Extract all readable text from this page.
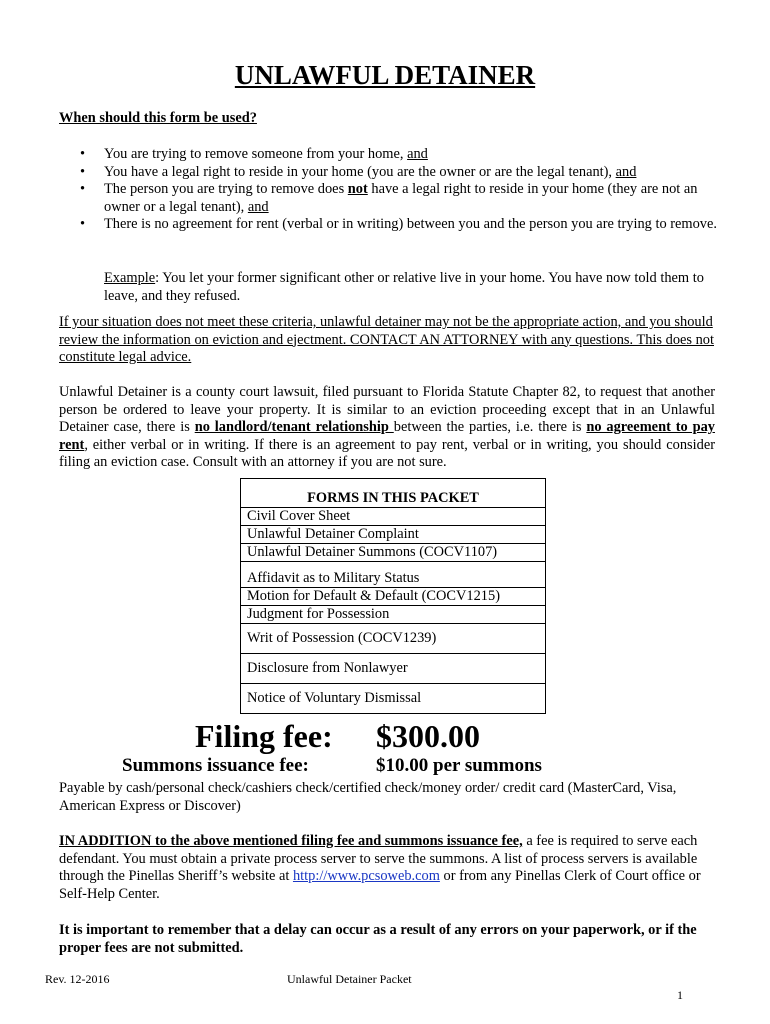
UNLAWFUL DETAINER
When should this form be used?
• You are trying to remove someone from your home, and
• You have a legal right to reside in your home (you are the owner or are the legal tenant), and
• The person you are trying to remove does not have a legal right to reside in your home (they are not an owner or a legal tenant), and
• There is no agreement for rent (verbal or in writing) between you and the person you are trying to remove.
Example: You let your former significant other or relative live in your home. You have now told them to leave, and they refused.
If your situation does not meet these criteria, unlawful detainer may not be the appropriate action, and you should review the information on eviction and ejectment. CONTACT AN ATTORNEY with any questions. This does not constitute legal advice.
Unlawful Detainer is a county court lawsuit, filed pursuant to Florida Statute Chapter 82, to request that another person be ordered to leave your property. It is similar to an eviction proceeding except that in an Unlawful Detainer case, there is no landlord/tenant relationship between the parties, i.e. there is no agreement to pay rent, either verbal or in writing. If there is an agreement to pay rent, verbal or in writing, you should consider filing an eviction case. Consult with an attorney if you are not sure.
FORMS IN THIS PACKET
Civil Cover Sheet
Unlawful Detainer Complaint
Unlawful Detainer Summons (COCV1107)
Affidavit as to Military Status
Motion for Default & Default (COCV1215)
Judgment for Possession
Writ of Possession (COCV1239)
Disclosure from Nonlawyer
Notice of Voluntary Dismissal
Filing fee: $300.00
Summons issuance fee:	$10.00 per summons
Payable by cash/personal check/cashiers check/certified check/money order/ credit card (MasterCard, Visa, American Express or Discover)
IN ADDITION to the above mentioned filing fee and summons issuance fee, a fee is required to serve each defendant. You must obtain a private process server to serve the summons. A list of process servers is available through the Pinellas Sheriff’s website at http://www.pcsoweb.com or from any Pinellas Clerk of Court office or Self-Help Center.
It is important to remember that a delay can occur as a result of any errors on your paperwork, or if the proper fees are not submitted.
Rev. 12-2016	Unlawful Detainer Packet
1
